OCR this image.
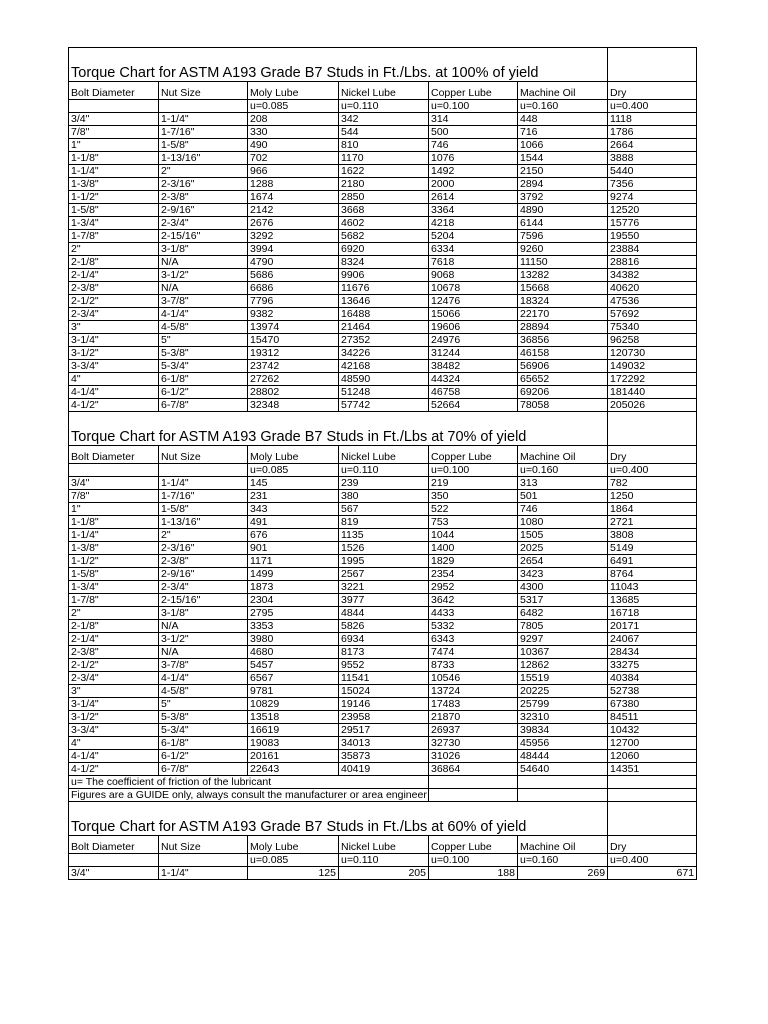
Torque Chart for ASTM A193 Grade B7 Studs in Ft./Lbs. at 100% of yield						
Bolt Diameter	Nut Size	Moly Lube	Nickel Lube	Copper Lube	Machine Oil	Dry
		u=0.085	u=0.110	u=0.100	u=0.160	u=0.400
3/4"	1-1/4"	208	342	314	448	1118
7/8"	1-7/16"	330	544	500	716	1786
1"	1-5/8"	490	810	746	1066	2664
1-1/8"	1-13/16"	702	1170	1076	1544	3888
1-1/4"	2"	966	1622	1492	2150	5440
1-3/8"	2-3/16"	1288	2180	2000	2894	7356
1-1/2"	2-3/8"	1674	2850	2614	3792	9274
1-5/8"	2-9/16"	2142	3668	3364	4890	12520
1-3/4"	2-3/4"	2676	4602	4218	6144	15776
1-7/8"	2-15/16"	3292	5682	5204	7596	19550
2"	3-1/8"	3994	6920	6334	9260	23884
2-1/8"	N/A	4790	8324	7618	11150	28816
2-1/4"	3-1/2"	5686	9906	9068	13282	34382
2-3/8"	N/A	6686	11676	10678	15668	40620
2-1/2"	3-7/8"	7796	13646	12476	18324	47536
2-3/4"	4-1/4"	9382	16488	15066	22170	57692
3"	4-5/8"	13974	21464	19606	28894	75340
3-1/4"	5"	15470	27352	24976	36856	96258
3-1/2"	5-3/8"	19312	34226	31244	46158	120730
3-3/4"	5-3/4"	23742	42168	38482	56906	149032
4"	6-1/8"	27262	48590	44324	65652	172292
4-1/4"	6-1/2"	28802	51248	46758	69206	181440
4-1/2"	6-7/8"	32348	57742	52664	78058	205026
Torque Chart for ASTM A193 Grade B7 Studs in Ft./Lbs at 70% of yield						
Bolt Diameter	Nut Size	Moly Lube	Nickel Lube	Copper Lube	Machine Oil	Dry
		u=0.085	u=0.110	u=0.100	u=0.160	u=0.400
3/4"	1-1/4"	145	239	219	313	782
7/8"	1-7/16"	231	380	350	501	1250
1"	1-5/8"	343	567	522	746	1864
1-1/8"	1-13/16"	491	819	753	1080	2721
1-1/4"	2"	676	1135	1044	1505	3808
1-3/8"	2-3/16"	901	1526	1400	2025	5149
1-1/2"	2-3/8"	1171	1995	1829	2654	6491
1-5/8"	2-9/16"	1499	2567	2354	3423	8764
1-3/4"	2-3/4"	1873	3221	2952	4300	11043
1-7/8"	2-15/16"	2304	3977	3642	5317	13685
2"	3-1/8"	2795	4844	4433	6482	16718
2-1/8"	N/A	3353	5826	5332	7805	20171
2-1/4"	3-1/2"	3980	6934	6343	9297	24067
2-3/8"	N/A	4680	8173	7474	10367	28434
2-1/2"	3-7/8"	5457	9552	8733	12862	33275
2-3/4"	4-1/4"	6567	11541	10546	15519	40384
3"	4-5/8"	9781	15024	13724	20225	52738
3-1/4"	5"	10829	19146	17483	25799	67380
3-1/2"	5-3/8"	13518	23958	21870	32310	84511
3-3/4"	5-3/4"	16619	29517	26937	39834	10432
4"	6-1/8"	19083	34013	32730	45956	12700
4-1/4"	6-1/2"	20161	35873	31026	48444	12060
4-1/2"	6-7/8"	22643	40419	36864	54640	14351
u= The coefficient of friction of the lubricant						
Figures are a GUIDE only, always consult the manufacturer or area engineer						
Torque Chart for ASTM A193 Grade B7 Studs in Ft./Lbs at 60% of yield						
Bolt Diameter	Nut Size	Moly Lube	Nickel Lube	Copper Lube	Machine Oil	Dry
		u=0.085	u=0.110	u=0.100	u=0.160	u=0.400
3/4"	1-1/4"	125	205	188	269	671
